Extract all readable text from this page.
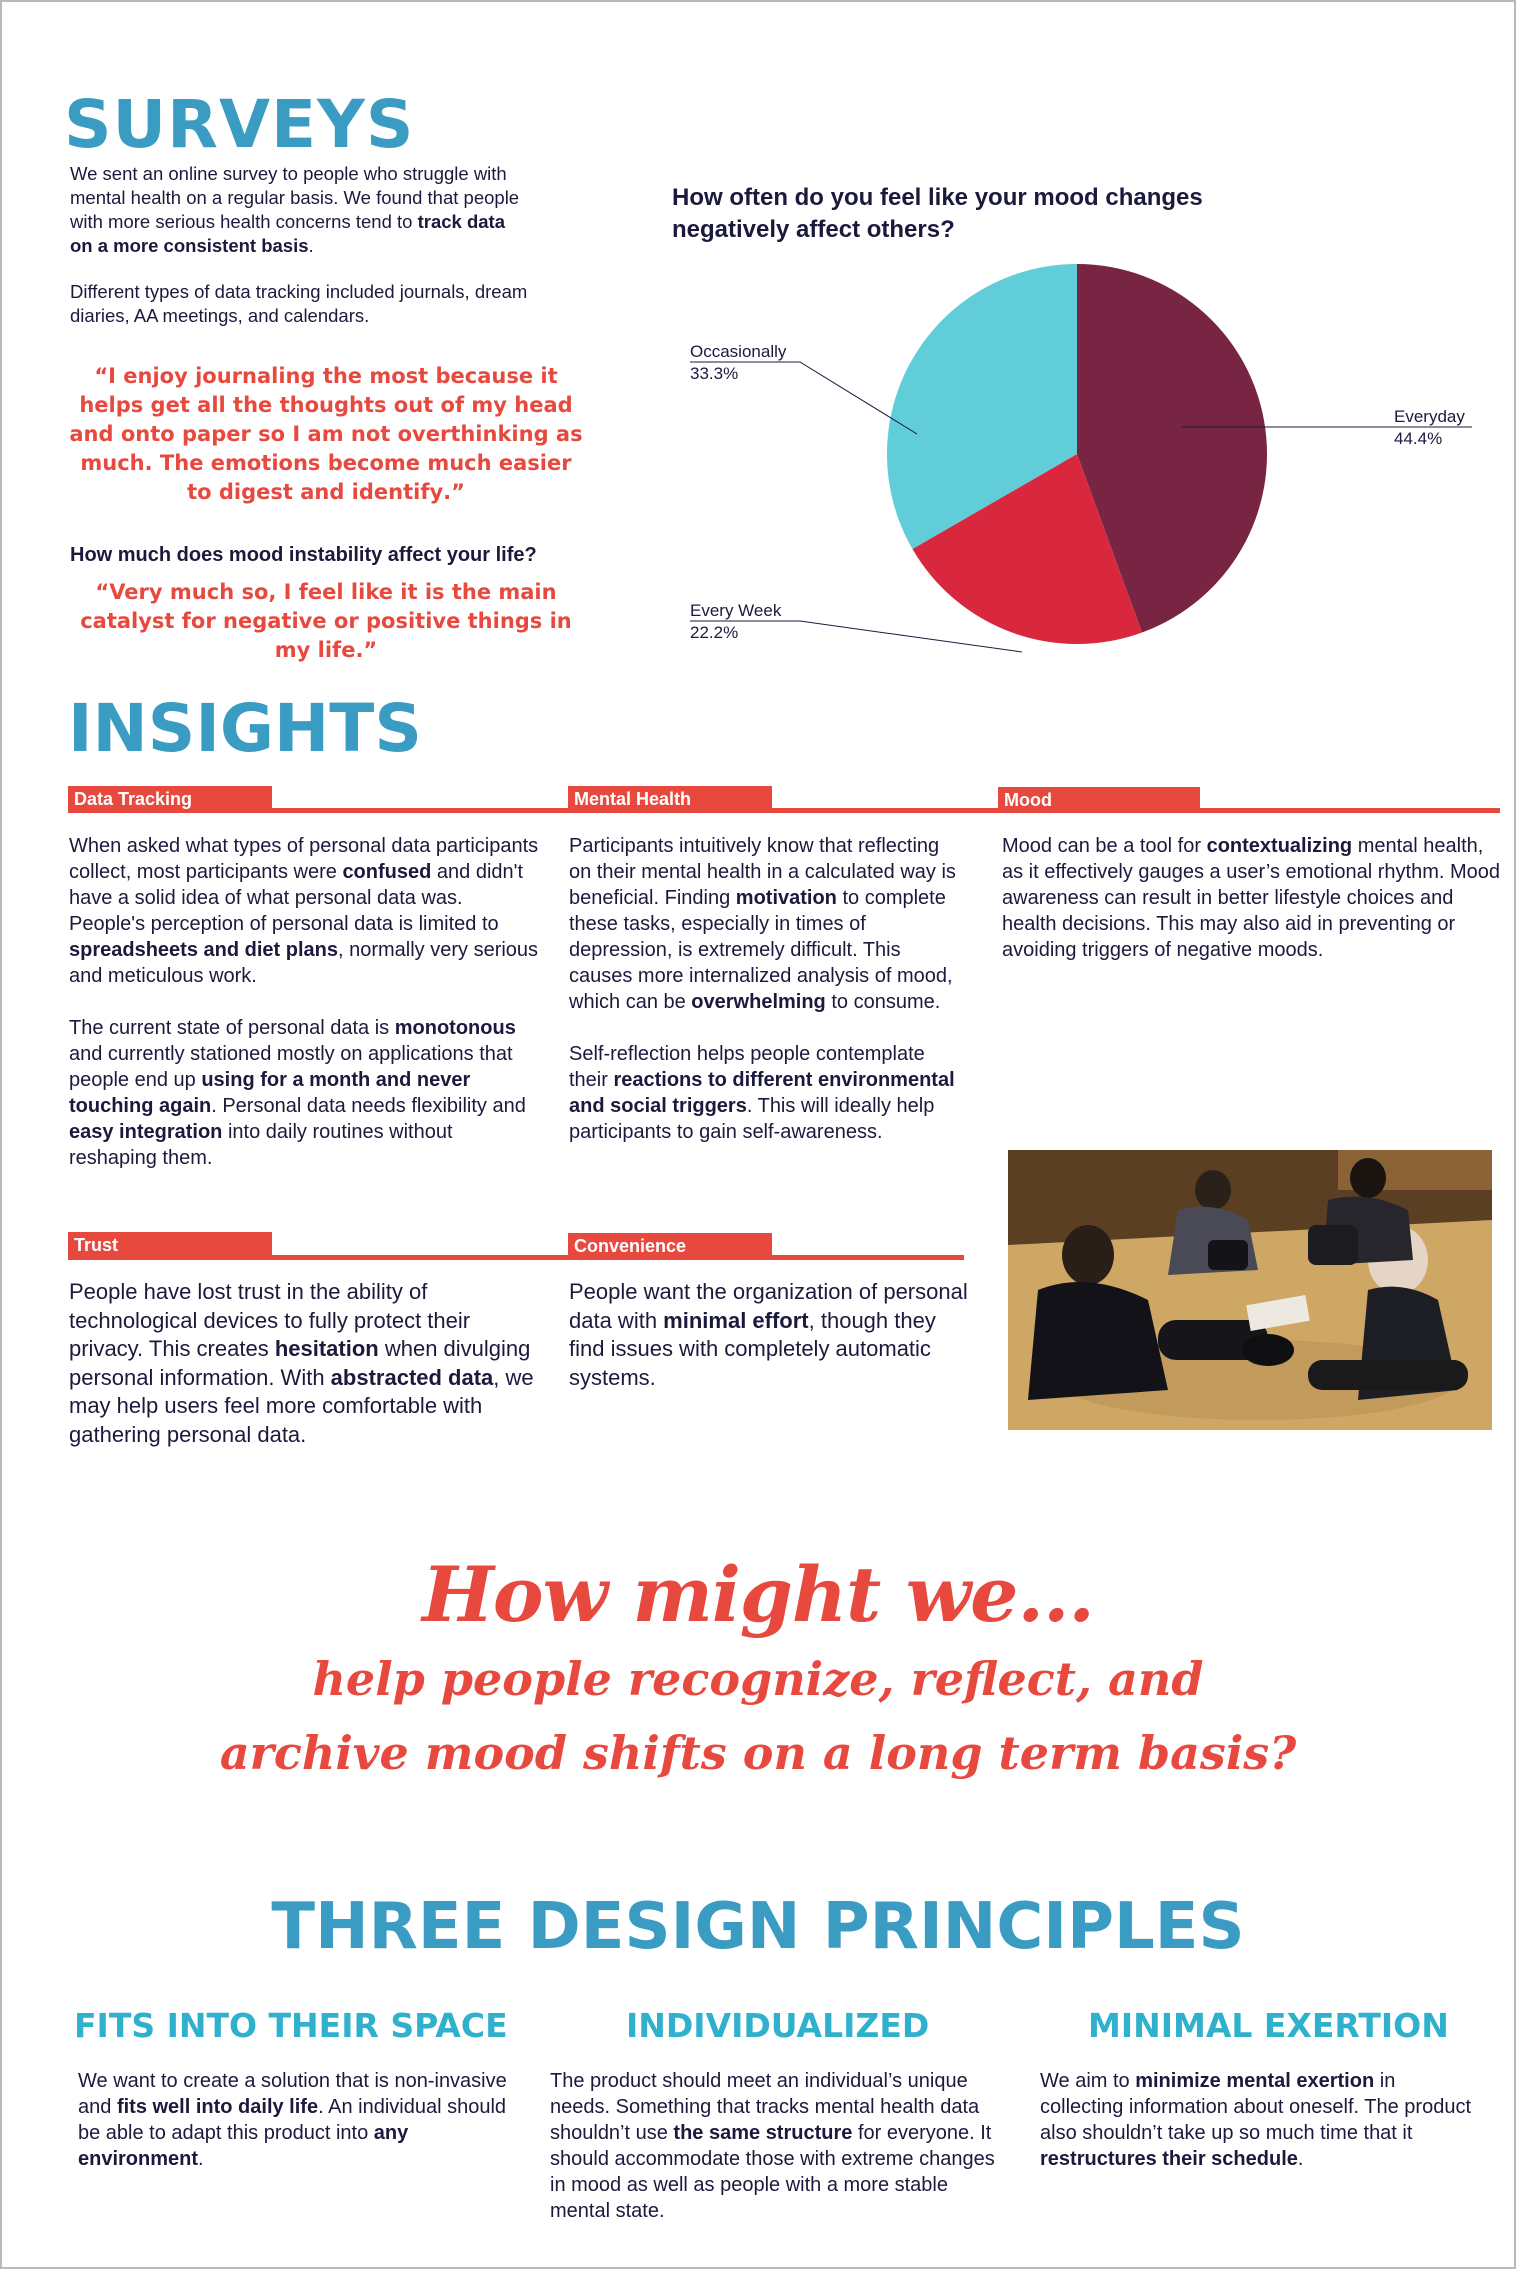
SURVEYS

We sent an online survey to people who struggle with mental health on a regular basis. We found that people with more serious health concerns tend to track data on a more consistent basis.

Different types of data tracking included journals, dream diaries, AA meetings, and calendars.

“I enjoy journaling the most because it helps get all the thoughts out of my head and onto paper so I am not overthinking as much. The emotions become much easier to digest and identify.”

How much does mood instability affect your life?

“Very much so, I feel like it is the main catalyst for negative or positive things in my life.”

How often do you feel like your mood changes negatively affect others?

Everyday
44.4%
Every Week
22.2%
Occasionally
33.3%
INSIGHTS
Data Tracking	Mental Health	Mood
Trust	Convenience

When asked what types of personal data participants collect, most participants were confused and didn't have a solid idea of what personal data was. People's perception of personal data is limited to spreadsheets and diet plans, normally very serious and meticulous work.

The current state of personal data is monotonous and currently stationed mostly on applications that people end up using for a month and never touching again. Personal data needs flexibility and easy integration into daily routines without reshaping them.

Participants intuitively know that reflecting on their mental health in a calculated way is beneficial. Finding motivation to complete these tasks, especially in times of depression, is extremely difficult. This causes more internalized analysis of mood, which can be overwhelming to consume.

Self-reflection helps people contemplate their reactions to different environmental and social triggers. This will ideally help participants to gain self-awareness.

Mood can be a tool for contextualizing mental health, as it effectively gauges a user’s emotional rhythm. Mood awareness can result in better lifestyle choices and health decisions. This may also aid in preventing or avoiding triggers of negative moods.

People have lost trust in the ability of technological devices to fully protect their privacy. This creates hesitation when divulging personal information. With abstracted data, we may help users feel more comfortable with gathering personal data.
People want the organization of personal data with minimal effort, though they find issues with completely automatic systems.

How might we...

help people recognize, reflect, and

archive mood shifts on a long term basis?

THREE DESIGN PRINCIPLES

FITS INTO THEIR SPACE	INDIVIDUALIZED	MINIMAL EXERTION

We want to create a solution that is non-invasive and fits well into daily life. An individual should be able to adapt this product into any environment.
The product should meet an individual’s unique needs. Something that tracks mental health data shouldn’t use the same structure for everyone. It should accommodate those with extreme changes in mood as well as people with a more stable mental state.
We aim to minimize mental exertion in collecting information about oneself. The product also shouldn’t take up so much time that it restructures their schedule.
